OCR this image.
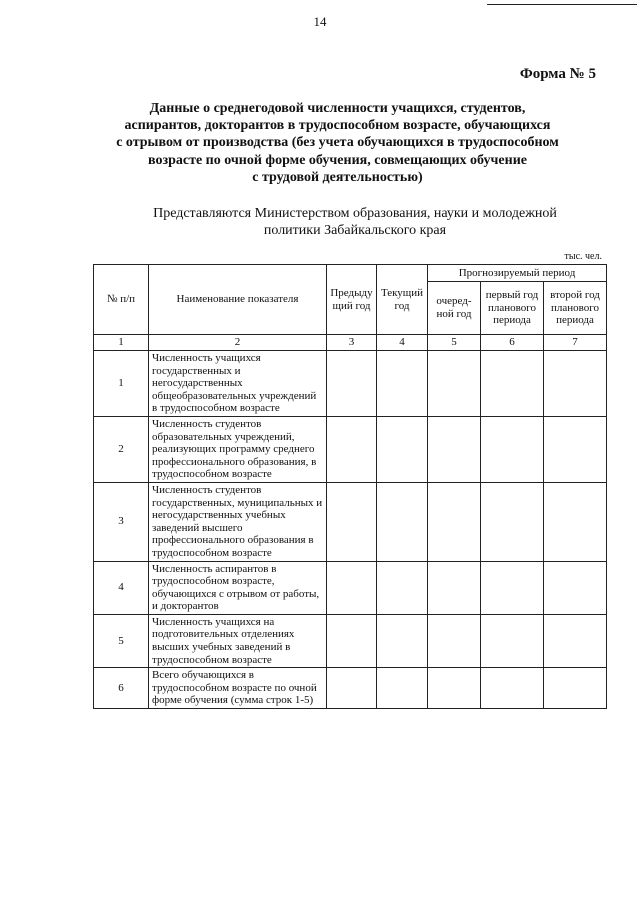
14
Форма № 5
Данные о среднегодовой численности учащихся, студентов,
аспирантов, докторантов в трудоспособном возрасте, обучающихся
с отрывом от производства (без учета обучающихся в трудоспособном
возрасте по очной форме обучения, совмещающих обучение
с трудовой деятельностью)
Представляются Министерством образования, науки и молодежной
политики Забайкальского края
тыс. чел.
№ п/п	Наименование показателя	Предыду щий год	Текущий год	Прогнозируемый период		
				очеред- ной год	первый год планового периода	второй год планового периода
1	2	3	4	5	6	7
1	Численность учащихся государственных и негосударственных общеобразовательных учреждений в трудоспособном возрасте					
2	Численность студентов образовательных учреждений, реализующих программу среднего профессионального образования, в трудоспособном возрасте					
3	Численность студентов государственных, муниципальных и негосударственных учебных заведений высшего профессионального образования в трудоспособном возрасте					
4	Численность аспирантов в трудоспособном возрасте, обучающихся с отрывом от работы, и докторантов					
5	Численность учащихся на подготовительных отделениях высших учебных заведений в трудоспособном возрасте					
6	Всего обучающихся в трудоспособном возрасте по очной форме обучения (сумма строк 1-5)					
